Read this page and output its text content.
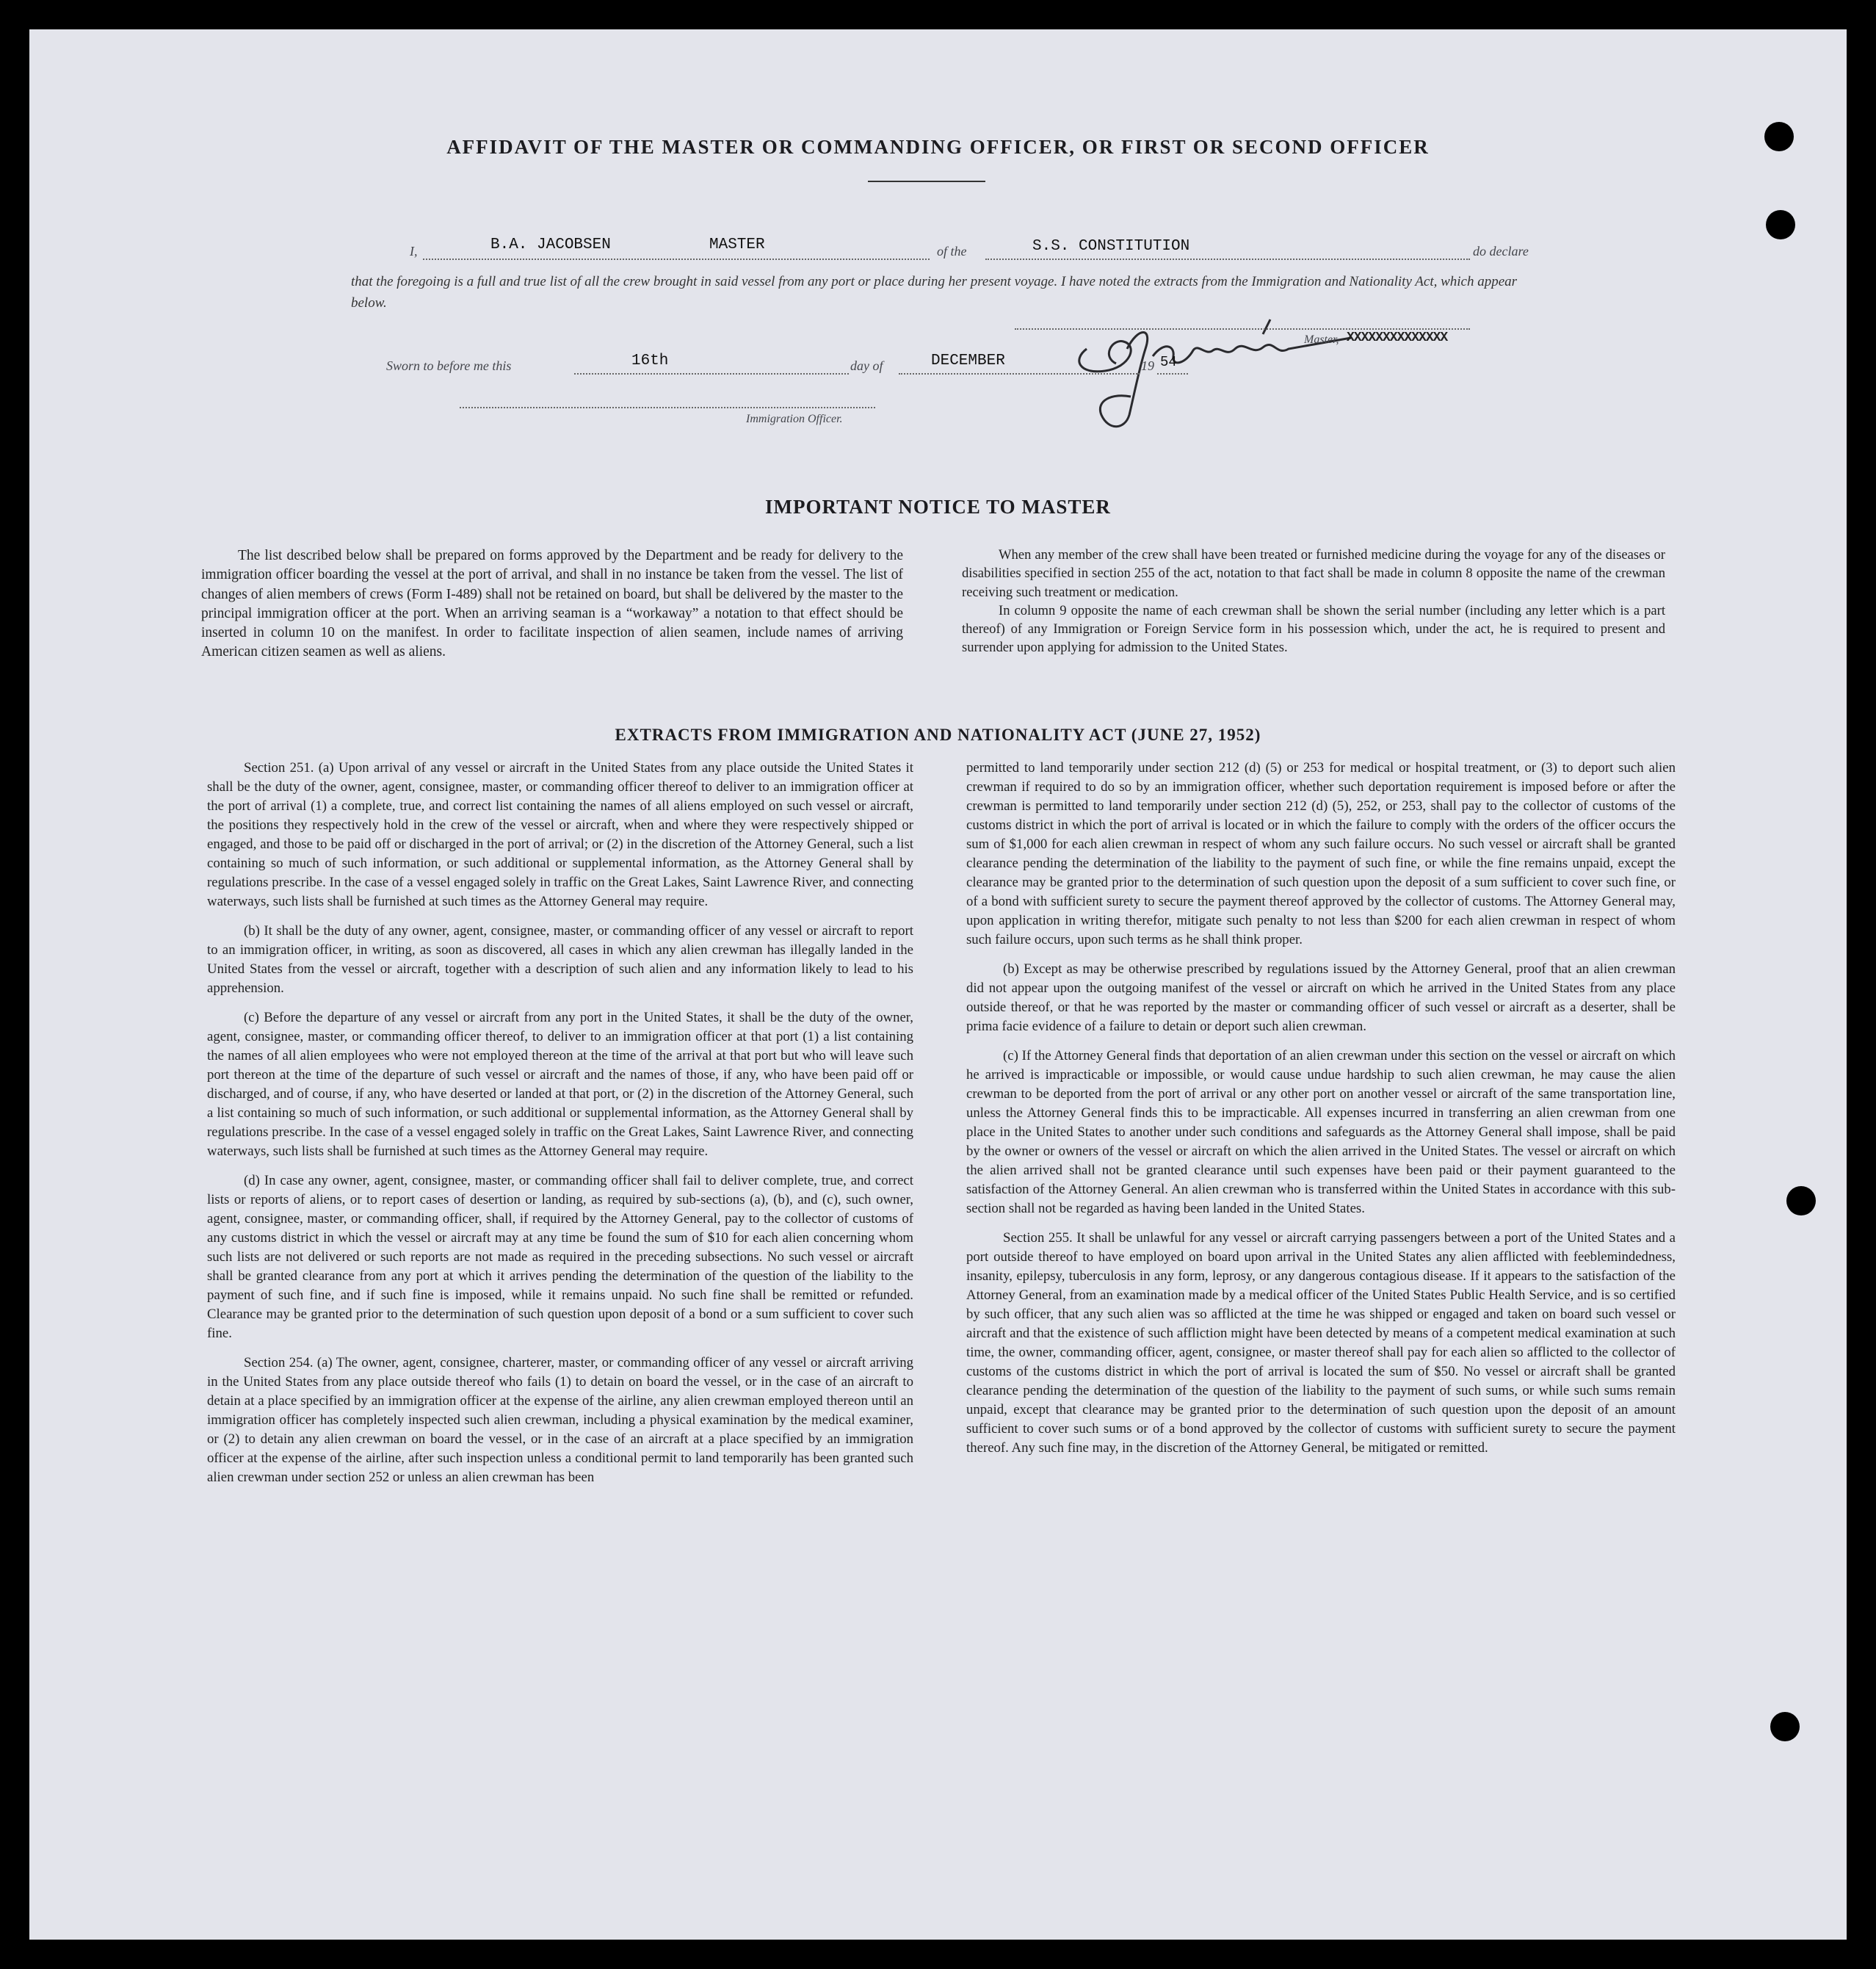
AFFIDAVIT OF THE MASTER OR COMMANDING OFFICER, OR FIRST OR SECOND OFFICER
I,	B.A. JACOBSEN	MASTER	of the	S.S. CONSTITUTION	do declare
that the foregoing is a full and true list of all the crew brought in said vessel from any port or place during her present voyage. I have noted the extracts from the Immigration and Nationality Act, which appear below.
Master, XXXXXXXXXXXXXX
Sworn to before me this	16th	day of	DECEMBER	19 54
Immigration Officer.
IMPORTANT NOTICE TO MASTER

The list described below shall be prepared on forms approved by the Department and be ready for delivery to the immigration officer boarding the vessel at the port of arrival, and shall in no instance be taken from the vessel. The list of changes of alien members of crews (Form I-489) shall not be retained on board, but shall be delivered by the master to the principal immigration officer at the port. When an arriving seaman is a “workaway” a notation to that effect should be inserted in column 10 on the manifest. In order to facilitate inspection of alien seamen, include names of arriving American citizen seamen as well as aliens.

When any member of the crew shall have been treated or furnished medicine during the voyage for any of the diseases or disabilities specified in section 255 of the act, notation to that fact shall be made in column 8 opposite the name of the crewman receiving such treatment or medication.

In column 9 opposite the name of each crewman shall be shown the serial number (including any letter which is a part thereof) of any Immigration or Foreign Service form in his possession which, under the act, he is required to present and surrender upon applying for admission to the United States.

EXTRACTS FROM IMMIGRATION AND NATIONALITY ACT (JUNE 27, 1952)

Section 251. (a) Upon arrival of any vessel or aircraft in the United States from any place outside the United States it shall be the duty of the owner, agent, consignee, master, or commanding officer thereof to deliver to an immigration officer at the port of arrival (1) a complete, true, and correct list containing the names of all aliens employed on such vessel or aircraft, the positions they respectively hold in the crew of the vessel or aircraft, when and where they were respectively shipped or engaged, and those to be paid off or discharged in the port of arrival; or (2) in the discretion of the Attorney General, such a list containing so much of such information, or such additional or supplemental information, as the Attorney General shall by regulations prescribe. In the case of a vessel engaged solely in traffic on the Great Lakes, Saint Lawrence River, and connecting waterways, such lists shall be furnished at such times as the Attorney General may require.

(b) It shall be the duty of any owner, agent, consignee, master, or commanding officer of any vessel or aircraft to report to an immigration officer, in writing, as soon as discovered, all cases in which any alien crewman has illegally landed in the United States from the vessel or aircraft, together with a description of such alien and any information likely to lead to his apprehension.

(c) Before the departure of any vessel or aircraft from any port in the United States, it shall be the duty of the owner, agent, consignee, master, or commanding officer thereof, to deliver to an immigration officer at that port (1) a list containing the names of all alien employees who were not employed thereon at the time of the arrival at that port but who will leave such port thereon at the time of the departure of such vessel or aircraft and the names of those, if any, who have been paid off or discharged, and of course, if any, who have deserted or landed at that port, or (2) in the discretion of the Attorney General, such a list containing so much of such information, or such additional or supplemental information, as the Attorney General shall by regulations prescribe. In the case of a vessel engaged solely in traffic on the Great Lakes, Saint Lawrence River, and connecting waterways, such lists shall be furnished at such times as the Attorney General may require.

(d) In case any owner, agent, consignee, master, or commanding officer shall fail to deliver complete, true, and correct lists or reports of aliens, or to report cases of desertion or landing, as required by sub-sections (a), (b), and (c), such owner, agent, consignee, master, or commanding officer, shall, if required by the Attorney General, pay to the collector of customs of any customs district in which the vessel or aircraft may at any time be found the sum of $10 for each alien concerning whom such lists are not delivered or such reports are not made as required in the preceding subsections. No such vessel or aircraft shall be granted clearance from any port at which it arrives pending the determination of the question of the liability to the payment of such fine, and if such fine is imposed, while it remains unpaid. No such fine shall be remitted or refunded. Clearance may be granted prior to the determination of such question upon deposit of a bond or a sum sufficient to cover such fine.

Section 254. (a) The owner, agent, consignee, charterer, master, or commanding officer of any vessel or aircraft arriving in the United States from any place outside thereof who fails (1) to detain on board the vessel, or in the case of an aircraft to detain at a place specified by an immigration officer at the expense of the airline, any alien crewman employed thereon until an immigration officer has completely inspected such alien crewman, including a physical examination by the medical examiner, or (2) to detain any alien crewman on board the vessel, or in the case of an aircraft at a place specified by an immigration officer at the expense of the airline, after such inspection unless a conditional permit to land temporarily has been granted such alien crewman under section 252 or unless an alien crewman has been

permitted to land temporarily under section 212 (d) (5) or 253 for medical or hospital treatment, or (3) to deport such alien crewman if required to do so by an immigration officer, whether such deportation requirement is imposed before or after the crewman is permitted to land temporarily under section 212 (d) (5), 252, or 253, shall pay to the collector of customs of the customs district in which the port of arrival is located or in which the failure to comply with the orders of the officer occurs the sum of $1,000 for each alien crewman in respect of whom any such failure occurs. No such vessel or aircraft shall be granted clearance pending the determination of the liability to the payment of such fine, or while the fine remains unpaid, except the clearance may be granted prior to the determination of such question upon the deposit of a sum sufficient to cover such fine, or of a bond with sufficient surety to secure the payment thereof approved by the collector of customs. The Attorney General may, upon application in writing therefor, mitigate such penalty to not less than $200 for each alien crewman in respect of whom such failure occurs, upon such terms as he shall think proper.

(b) Except as may be otherwise prescribed by regulations issued by the Attorney General, proof that an alien crewman did not appear upon the outgoing manifest of the vessel or aircraft on which he arrived in the United States from any place outside thereof, or that he was reported by the master or commanding officer of such vessel or aircraft as a deserter, shall be prima facie evidence of a failure to detain or deport such alien crewman.

(c) If the Attorney General finds that deportation of an alien crewman under this section on the vessel or aircraft on which he arrived is impracticable or impossible, or would cause undue hardship to such alien crewman, he may cause the alien crewman to be deported from the port of arrival or any other port on another vessel or aircraft of the same transportation line, unless the Attorney General finds this to be impracticable. All expenses incurred in transferring an alien crewman from one place in the United States to another under such conditions and safeguards as the Attorney General shall impose, shall be paid by the owner or owners of the vessel or aircraft on which the alien arrived in the United States. The vessel or aircraft on which the alien arrived shall not be granted clearance until such expenses have been paid or their payment guaranteed to the satisfaction of the Attorney General. An alien crewman who is transferred within the United States in accordance with this sub-section shall not be regarded as having been landed in the United States.

Section 255. It shall be unlawful for any vessel or aircraft carrying passengers between a port of the United States and a port outside thereof to have employed on board upon arrival in the United States any alien afflicted with feeblemindedness, insanity, epilepsy, tuberculosis in any form, leprosy, or any dangerous contagious disease. If it appears to the satisfaction of the Attorney General, from an examination made by a medical officer of the United States Public Health Service, and is so certified by such officer, that any such alien was so afflicted at the time he was shipped or engaged and taken on board such vessel or aircraft and that the existence of such affliction might have been detected by means of a competent medical examination at such time, the owner, commanding officer, agent, consignee, or master thereof shall pay for each alien so afflicted to the collector of customs of the customs district in which the port of arrival is located the sum of $50. No vessel or aircraft shall be granted clearance pending the determination of the question of the liability to the payment of such sums, or while such sums remain unpaid, except that clearance may be granted prior to the determination of such question upon the deposit of an amount sufficient to cover such sums or of a bond approved by the collector of customs with sufficient surety to secure the payment thereof. Any such fine may, in the discretion of the Attorney General, be mitigated or remitted.
